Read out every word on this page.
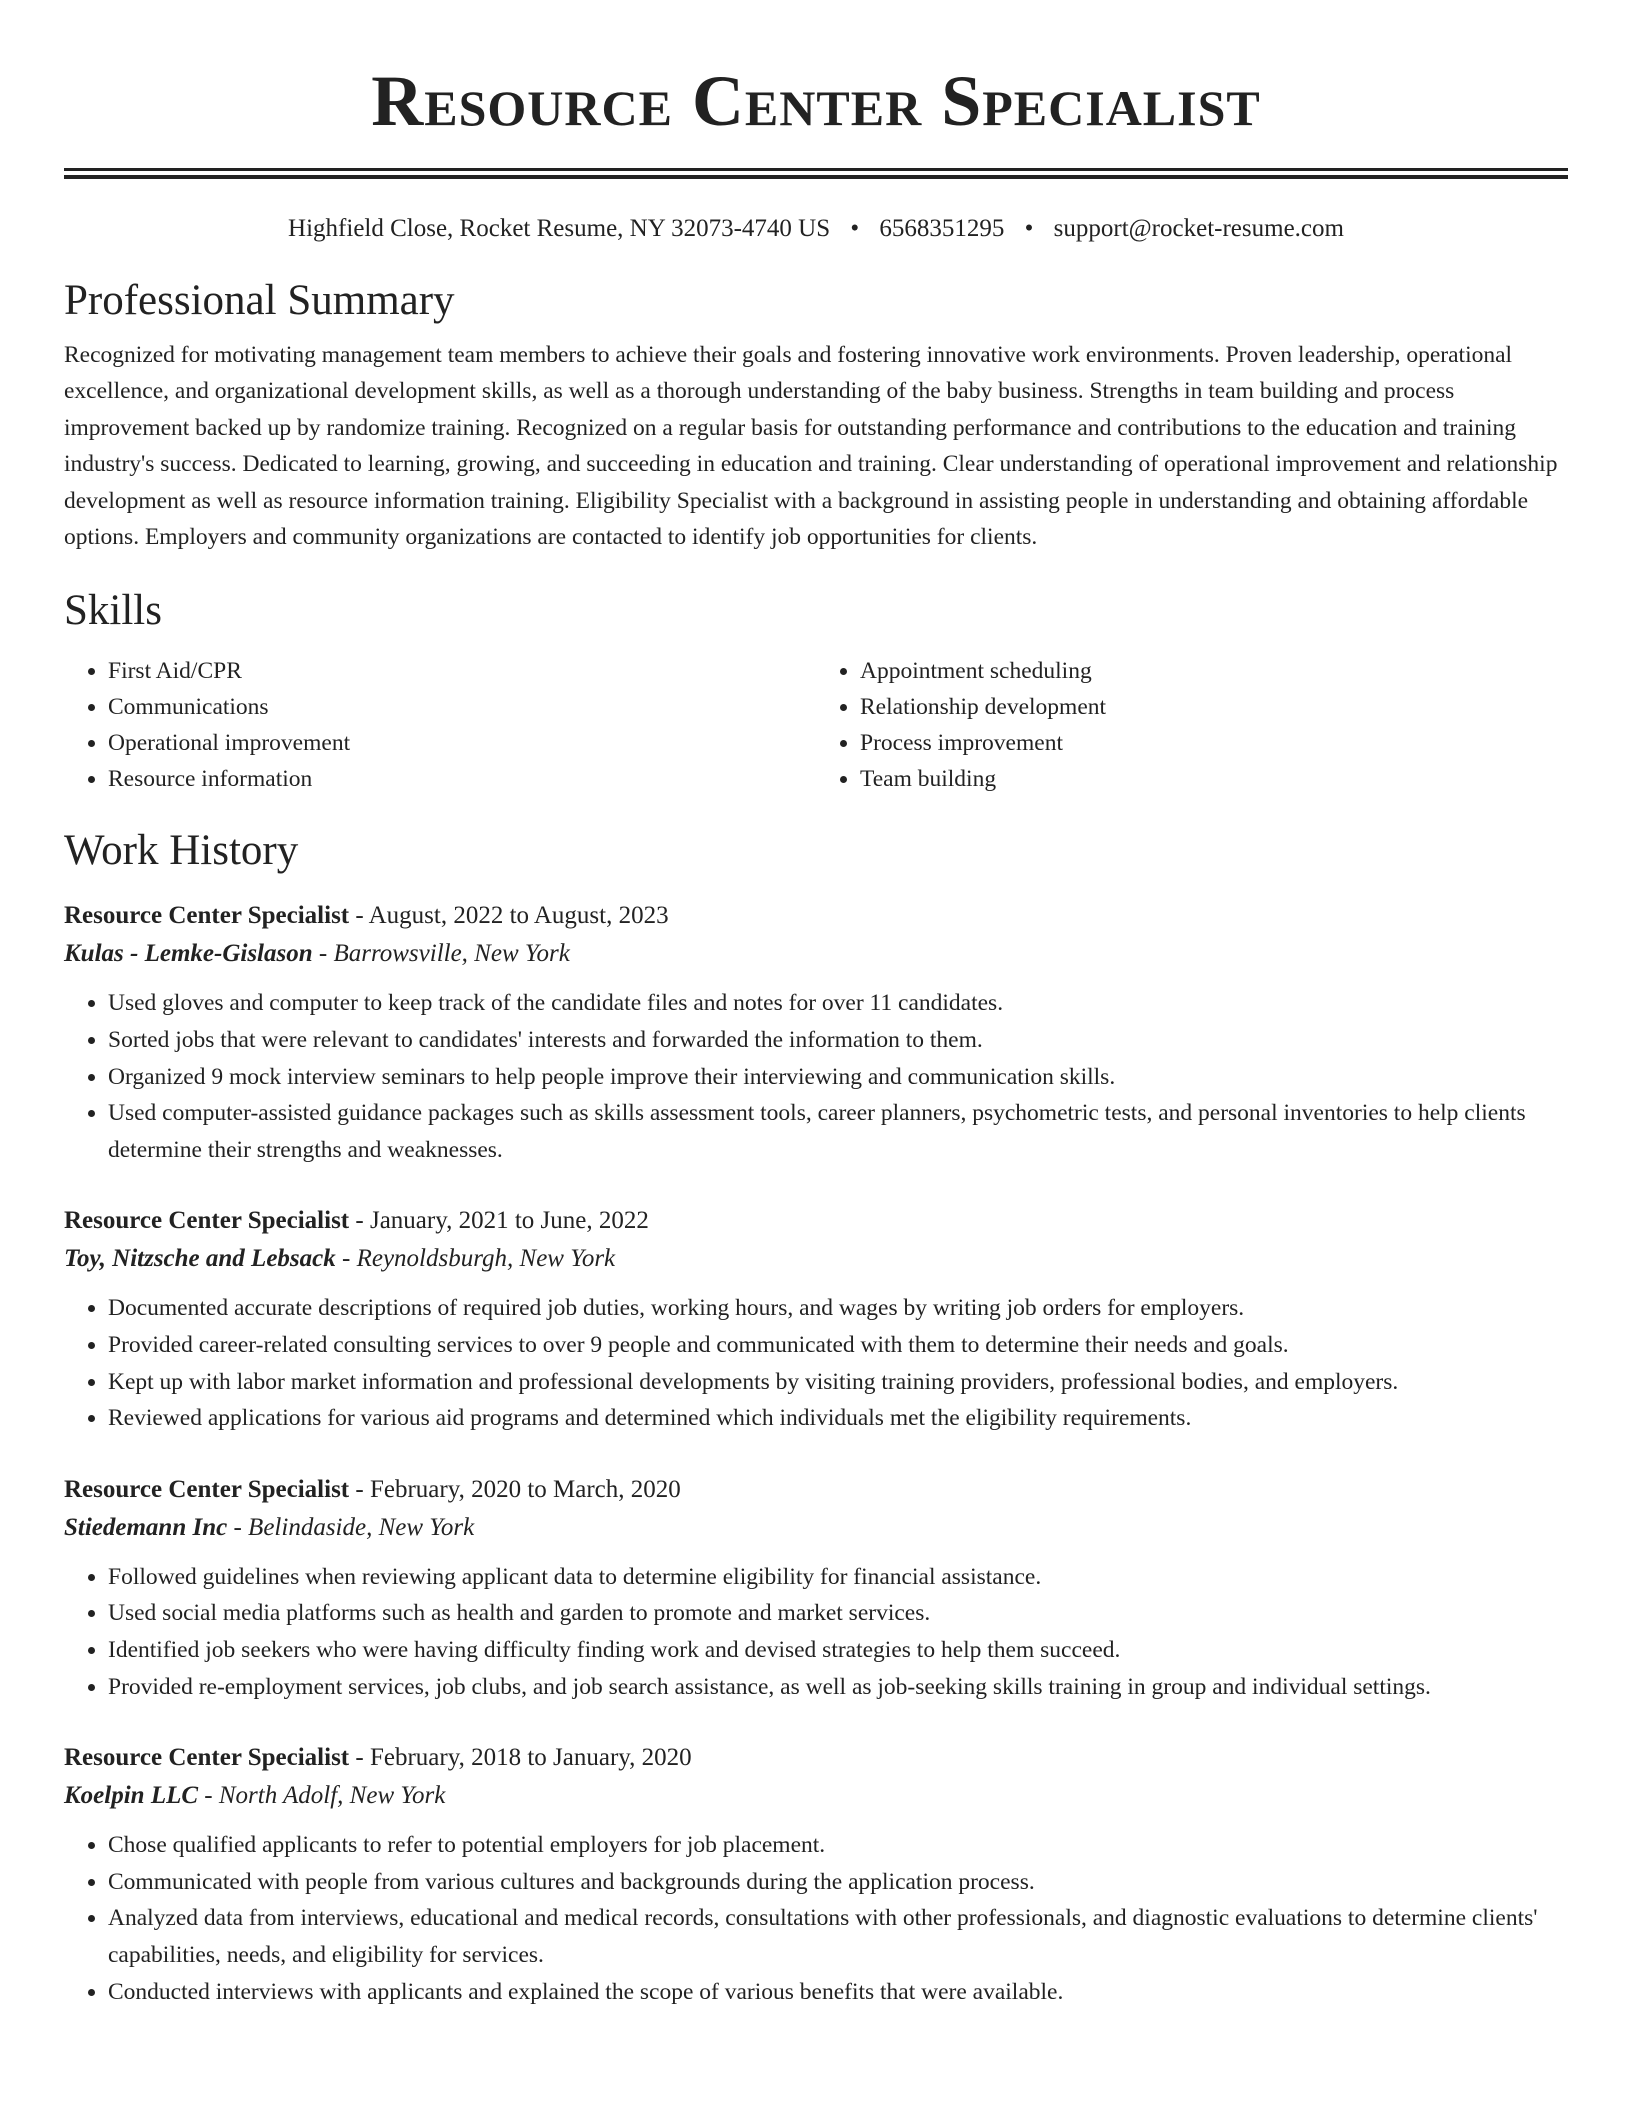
Resource Center Specialist
Highfield Close, Rocket Resume, NY 32073-4740 US • 6568351295 • support@rocket-resume.com
Professional Summary

Recognized for motivating management team members to achieve their goals and fostering innovative work environments. Proven leadership, operational excellence, and organizational development skills, as well as a thorough understanding of the baby business. Strengths in team building and process improvement backed up by randomize training. Recognized on a regular basis for outstanding performance and contributions to the education and training industry's success. Dedicated to learning, growing, and succeeding in education and training. Clear understanding of operational improvement and relationship development as well as resource information training. Eligibility Specialist with a background in assisting people in understanding and obtaining affordable options. Employers and community organizations are contacted to identify job opportunities for clients.

Skills
• First Aid/CPR
• Communications
• Operational improvement
• Resource information
• Appointment scheduling
• Relationship development
• Process improvement
• Team building
Work History
Resource Center Specialist - August, 2022 to August, 2023
Kulas - Lemke-Gislason - Barrowsville, New York
• Used gloves and computer to keep track of the candidate files and notes for over 11 candidates.
• Sorted jobs that were relevant to candidates' interests and forwarded the information to them.
• Organized 9 mock interview seminars to help people improve their interviewing and communication skills.
• Used computer-assisted guidance packages such as skills assessment tools, career planners, psychometric tests, and personal inventories to help clients determine their strengths and weaknesses.
Resource Center Specialist - January, 2021 to June, 2022
Toy, Nitzsche and Lebsack - Reynoldsburgh, New York
• Documented accurate descriptions of required job duties, working hours, and wages by writing job orders for employers.
• Provided career-related consulting services to over 9 people and communicated with them to determine their needs and goals.
• Kept up with labor market information and professional developments by visiting training providers, professional bodies, and employers.
• Reviewed applications for various aid programs and determined which individuals met the eligibility requirements.
Resource Center Specialist - February, 2020 to March, 2020
Stiedemann Inc - Belindaside, New York
• Followed guidelines when reviewing applicant data to determine eligibility for financial assistance.
• Used social media platforms such as health and garden to promote and market services.
• Identified job seekers who were having difficulty finding work and devised strategies to help them succeed.
• Provided re-employment services, job clubs, and job search assistance, as well as job-seeking skills training in group and individual settings.
Resource Center Specialist - February, 2018 to January, 2020
Koelpin LLC - North Adolf, New York
• Chose qualified applicants to refer to potential employers for job placement.
• Communicated with people from various cultures and backgrounds during the application process.
• Analyzed data from interviews, educational and medical records, consultations with other professionals, and diagnostic evaluations to determine clients' capabilities, needs, and eligibility for services.
• Conducted interviews with applicants and explained the scope of various benefits that were available.
